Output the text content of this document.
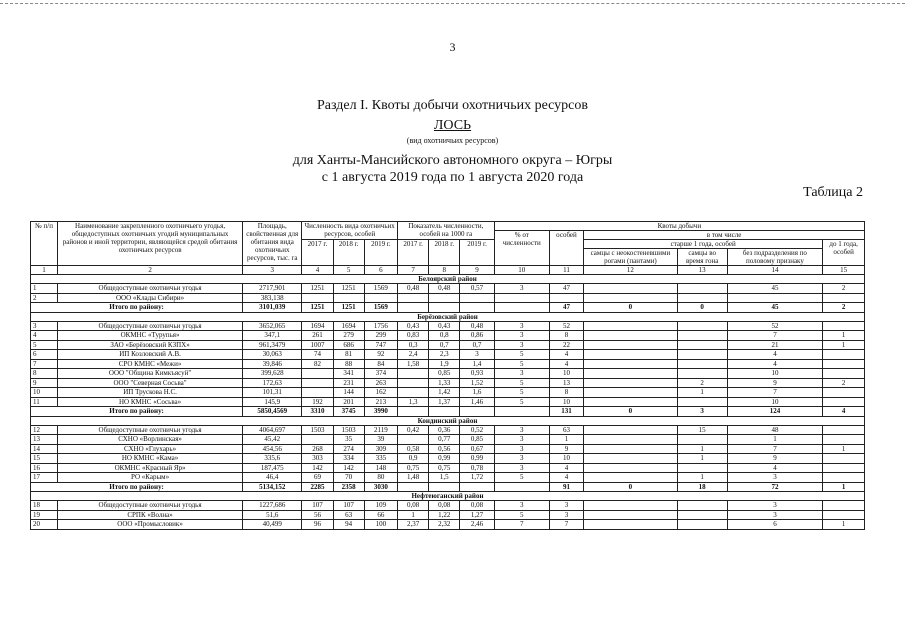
3
Раздел I. Квоты добычи охотничьих ресурсов
ЛОСЬ
(вид охотничьих ресурсов)
для Ханты-Мансийского автономного округа – Югры
с 1 августа 2019 года по 1 августа 2020 года
Таблица 2
№ п/п	Наименование закрепленного охотничьего угодья, общедоступных охотничьих угодий муниципальных районов и иной территории, являющейся средой обитания охотничьих ресурсов	Площадь, свойственная для обитания вида охотничьих ресурсов, тыс. га	Численность вида охотничьих ресурсов, особей			Показатель численности, особей на 1000 га			Квоты добычи					
									% от численности	особей	в том числе			
			2017 г.	2018 г.	2019 г.	2017 г.	2018 г.	2019 г.			старше 1 года, особей			до 1 года, особей
											самцы с неокостеневшими рогами (пантами)	самцы во время гона	без подразделения по половому признаку	
1	2	3	4	5	6	7	8	9	10	11	12	13	14	15
Белоярский район														
1	Общедоступные охотничьи угодья	2717,901	1251	1251	1569	0,48	0,48	0,57	3	47			45	2
2	ООО «Клады Сибири»	383,138												
Итого по району:		3101,039	1251	1251	1569					47	0	0	45	2
Берёзовский район														
3	Общедоступные охотничьи угодья	3652,065	1694	1694	1756	0,43	0,43	0,48	3	52			52	
4	ОКМНС «Турупья»	347,1	261	279	299	0,83	0,8	0,86	3	8			7	1
5	ЗАО «Берёзовский КЗПХ»	961,3479	1007	686	747	0,3	0,7	0,7	3	22			21	1
6	ИП Козловский А.В.	30,063	74	81	92	2,4	2,3	3	5	4			4	
7	СРО КМНС «Межи»	39,846	82	88	84	1,58	1,9	1,4	5	4			4	
8	ООО "Община Кимкъясуй"	399,628		341	374		0,85	0,93	3	10			10	
9	ООО "Северная Сосьва"	172,63		231	263		1,33	1,52	5	13		2	9	2
10	ИП Трускова Н.С.	101,31		144	162		1,42	1,6	5	8		1	7	
11	НО КМНС «Сосьва»	145,9	192	201	213	1,3	1,37	1,46	5	10			10	
Итого по району:		5850,4569	3310	3745	3990					131	0	3	124	4
Кондинский район														
12	Общедоступные охотничьи угодья	4064,697	1503	1503	2119	0,42	0,36	0,52	3	63		15	48	
13	СХНО «Ворлинская»	45,42		35	39		0,77	0,85	3	1			1	
14	СХНО «Глухарь»	454,56	268	274	309	0,58	0,56	0,67	3	9		1	7	1
15	НО КМНС «Кама»	335,6	303	334	335	0,9	0,99	0,99	3	10		1	9	
16	ОКМНС «Красный Яр»	187,475	142	142	148	0,75	0,75	0,78	3	4			4	
17	РО «Карым»	46,4	69	70	80	1,48	1,5	1,72	5	4		1	3	
Итого по району:		5134,152	2285	2358	3030					91	0	18	72	1
Нефтеюганский район														
18	Общедоступные охотничьи угодья	1227,686	107	107	109	0,08	0,08	0,08	3	3			3	
19	СРПК «Волна»	51,6	56	63	66	1	1,22	1,27	5	3			3	
20	ООО «Промысловик»	40,499	96	94	100	2,37	2,32	2,46	7	7			6	1
